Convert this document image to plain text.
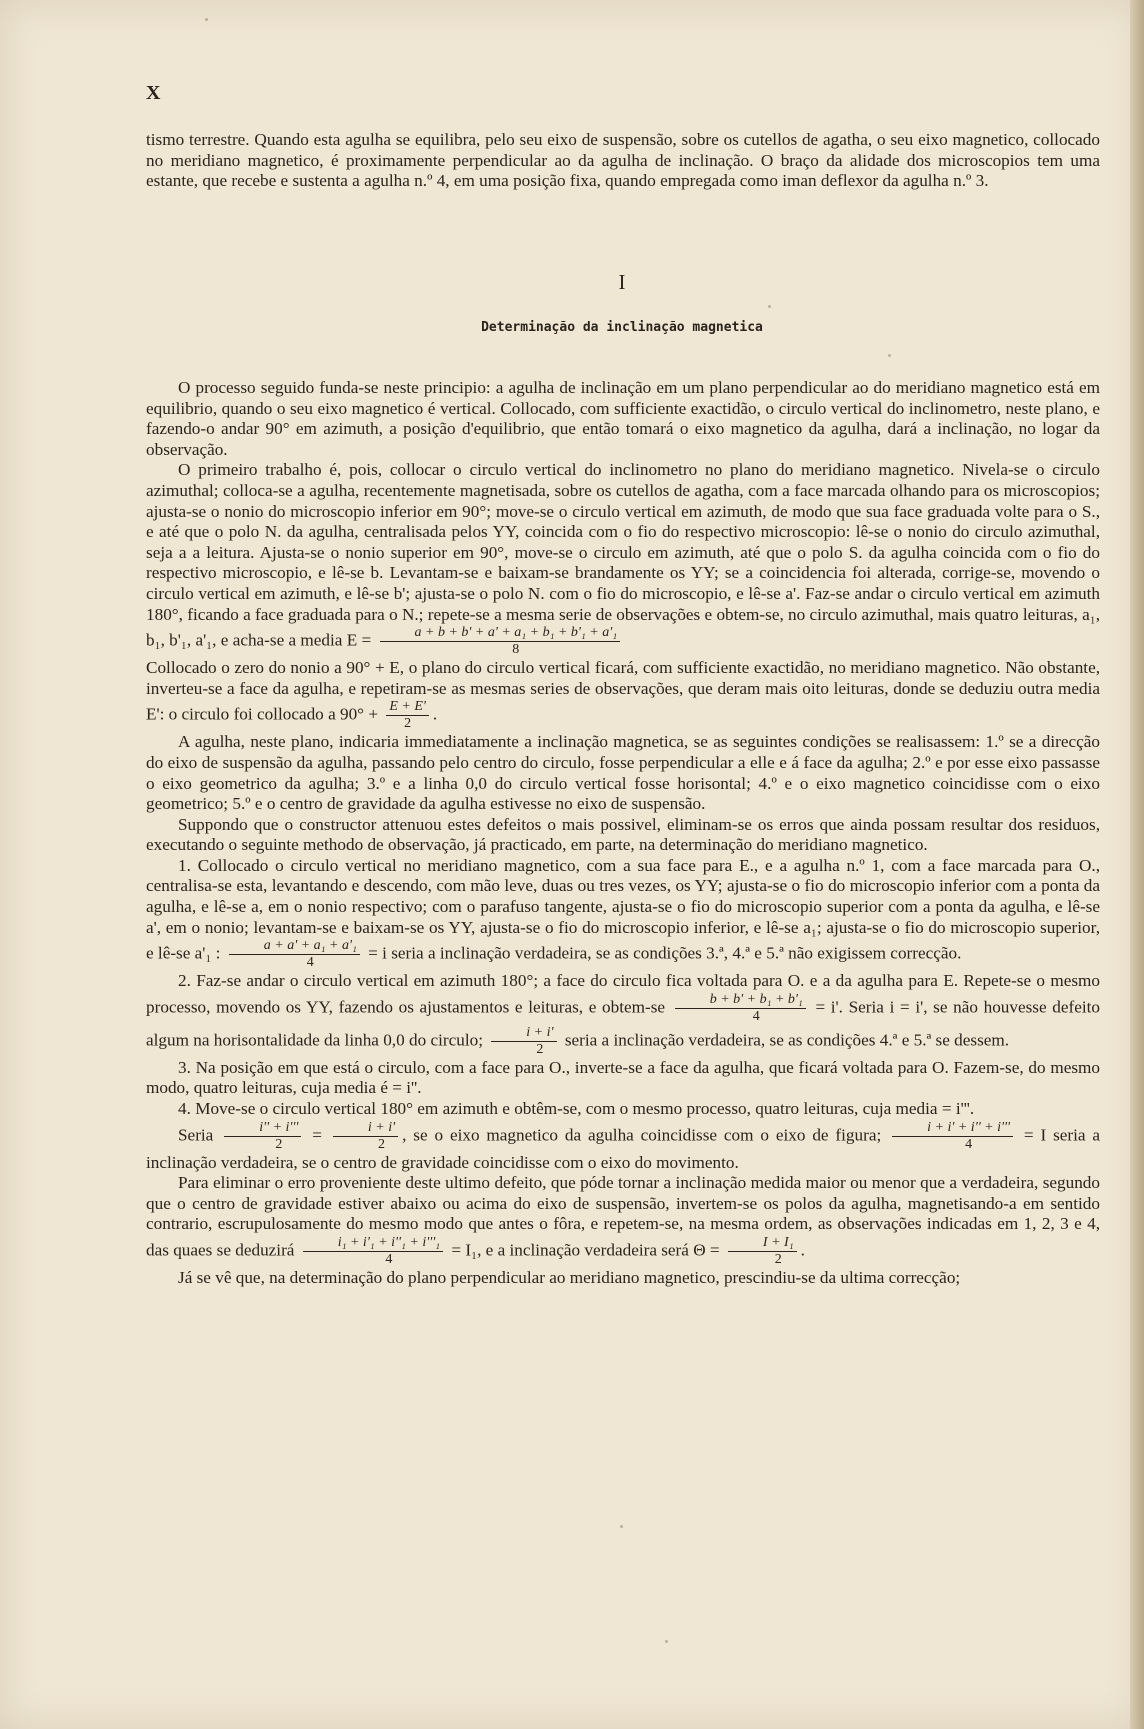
X

tismo terrestre. Quando esta agulha se equilibra, pelo seu eixo de suspensão, sobre os cutellos de agatha, o seu eixo magnetico, collocado no meridiano magnetico, é proximamente perpendicular ao da agulha de inclinação. O braço da alidade dos microscopios tem uma estante, que recebe e sustenta a agulha n.º 4, em uma posição fixa, quando empregada como iman deflexor da agulha n.º 3.

I
Determinação da inclinação magnetica

O processo seguido funda-se neste principio: a agulha de inclinação em um plano perpendicular ao do meridiano magnetico está em equilibrio, quando o seu eixo magnetico é vertical. Collocado, com sufficiente exactidão, o circulo vertical do inclinometro, neste plano, e fazendo-o andar 90° em azimuth, a posição d'equilibrio, que então tomará o eixo magnetico da agulha, dará a inclinação, no logar da observação.

O primeiro trabalho é, pois, collocar o circulo vertical do inclinometro no plano do meridiano magnetico. Nivela-se o circulo azimuthal; colloca-se a agulha, recentemente magnetisada, sobre os cutellos de agatha, com a face marcada olhando para os microscopios; ajusta-se o nonio do microscopio inferior em 90°; move-se o circulo vertical em azimuth, de modo que sua face graduada volte para o S., e até que o polo N. da agulha, centralisada pelos YY, coincida com o fio do respectivo microscopio: lê-se o nonio do circulo azimuthal, seja a a leitura. Ajusta-se o nonio superior em 90°, move-se o circulo em azimuth, até que o polo S. da agulha coincida com o fio do respectivo microscopio, e lê-se b. Levantam-se e baixam-se brandamente os YY; se a coincidencia foi alterada, corrige-se, movendo o circulo vertical em azimuth, e lê-se b'; ajusta-se o polo N. com o fio do microscopio, e lê-se a'. Faz-se andar o circulo vertical em azimuth 180°, ficando a face graduada para o N.; repete-se a mesma serie de observações e obtem-se, no circulo azimuthal, mais quatro leituras, a₁, b₁, b'₁, a'₁, e acha-se a media $E = \frac{\text{a + b + b' + a' + a₁ + b₁ + b'₁ + a'₁}}{8}$

Collocado o zero do nonio a 90° + E, o plano do circulo vertical ficará, com sufficiente exactidão, no meridiano magnetico. Não obstante, inverteu-se a face da agulha, e repetiram-se as mesmas series de observações, que deram mais oito leituras, donde se deduziu outra media E': o circulo foi collocado a $90^\circ + \frac{E + E'}{2}$ .

A agulha, neste plano, indicaria immediatamente a inclinação magnetica, se as seguintes condições se realisassem: 1.º se a direcção do eixo de suspensão da agulha, passando pelo centro do circulo, fosse perpendicular a elle e á face da agulha; 2.º e por esse eixo passasse o eixo geometrico da agulha; 3.º e a linha 0,0 do circulo vertical fosse horisontal; 4.º e o eixo magnetico coincidisse com o eixo geometrico; 5.º e o centro de gravidade da agulha estivesse no eixo de suspensão.

Suppondo que o constructor attenuou estes defeitos o mais possivel, eliminam-se os erros que ainda possam resultar dos residuos, executando o seguinte methodo de observação, já practicado, em parte, na determinação do meridiano magnetico.

1. Collocado o circulo vertical no meridiano magnetico, com a sua face para E., e a agulha n.º 1, com a face marcada para O., centralisa-se esta, levantando e descendo, com mão leve, duas ou tres vezes, os YY; ajusta-se o fio do microscopio inferior com a ponta da agulha, e lê-se a, em o nonio respectivo; com o parafuso tangente, ajusta-se o fio do microscopio superior com a ponta da agulha, e lê-se a', em o nonio; levantam-se e baixam-se os YY, ajusta-se o fio do microscopio inferior, e lê-se a₁; ajusta-se o fio do microscopio superior, e lê-se a'₁ : $\frac{\text{a + a' + a₁ + a'₁}}{4} = i$ seria a inclinação verdadeira, se as condições 3.ª, 4.ª e 5.ª não exigissem correcção.

2. Faz-se andar o circulo vertical em azimuth 180°; a face do circulo fica voltada para O. e a da agulha para E. Repete-se o mesmo processo, movendo os YY, fazendo os ajustamentos e leituras, e obtem-se $\frac{\text{b + b' + b₁ + b'₁}}{4} = i'$. Seria i = i', se não houvesse defeito algum na horisontalidade da linha 0,0 do circulo; $\frac{i + i'}{2}$ seria a inclinação verdadeira, se as condições 4.ª e 5.ª se dessem.

3. Na posição em que está o circulo, com a face para O., inverte-se a face da agulha, que ficará voltada para O. Fazem-se, do mesmo modo, quatro leituras, cuja media é = i''.

4. Move-se o circulo vertical 180° em azimuth e obtêm-se, com o mesmo processo, quatro leituras, cuja media = i'''.

Seria $\frac{i'' + i'''}{2} = \frac{i + i'}{2}$ , se o eixo magnetico da agulha coincidisse com o eixo de figura; $\frac{i + i' + i'' + i'''}{4} = I$ seria a inclinação verdadeira, se o centro de gravidade coincidisse com o eixo do movimento.

Para eliminar o erro proveniente deste ultimo defeito, que póde tornar a inclinação medida maior ou menor que a verdadeira, segundo que o centro de gravidade estiver abaixo ou acima do eixo de suspensão, invertem-se os polos da agulha, magnetisando-a em sentido contrario, escrupulosamente do mesmo modo que antes o fôra, e repetem-se, na mesma ordem, as observações indicadas em 1, 2, 3 e 4, das quaes se deduzirá $\frac{\text{i₁ + i'₁ + i''₁ + i'''₁}}{4} = I_1$, e a inclinação verdadeira será $\Theta = \frac{\text{I + I₁}}{2}$ .

Já se vê que, na determinação do plano perpendicular ao meridiano magnetico, prescindiu-se da ultima correcção;
